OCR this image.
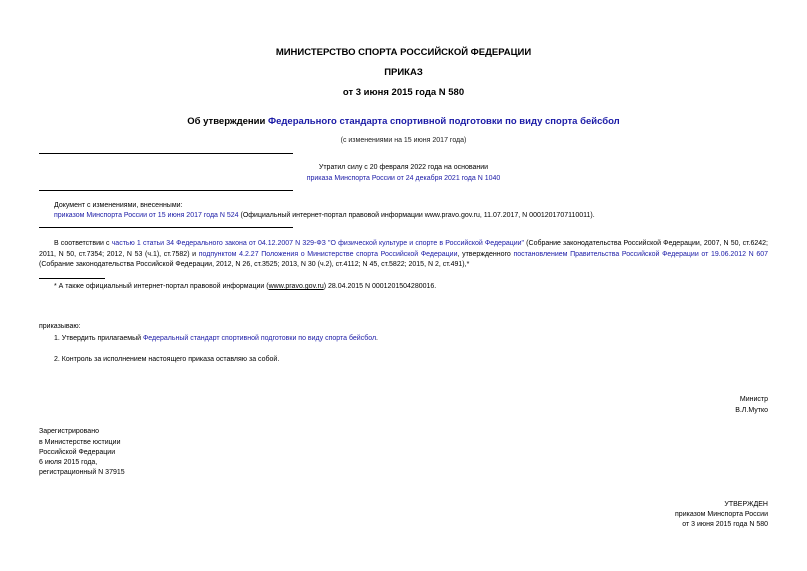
МИНИСТЕРСТВО СПОРТА РОССИЙСКОЙ ФЕДЕРАЦИИ
ПРИКАЗ
от 3 июня 2015 года N 580
Об утверждении Федерального стандарта спортивной подготовки по виду спорта бейсбол
(с изменениями на 15 июня 2017 года)
Утратил силу с 20 февраля 2022 года на основании
приказа Минспорта России от 24 декабря 2021 года N 1040
Документ с изменениями, внесенными:
приказом Минспорта России от 15 июня 2017 года N 524 (Официальный интернет-портал правовой информации www.pravo.gov.ru, 11.07.2017, N 0001201707110011).
В соответствии с частью 1 статьи 34 Федерального закона от 04.12.2007 N 329-ФЗ "О физической культуре и спорте в Российской Федерации" (Собрание законодательства Российской Федерации, 2007, N 50, ст.6242; 2011, N 50, ст.7354; 2012, N 53 (ч.1), ст.7582) и подпунктом 4.2.27 Положения о Министерстве спорта Российской Федерации, утвержденного постановлением Правительства Российской Федерации от 19.06.2012 N 607 (Собрание законодательства Российской Федерации, 2012, N 26, ст.3525; 2013, N 30 (ч.2), ст.4112; N 45, ст.5822; 2015, N 2, ст.491),*
* А также официальный интернет-портал правовой информации (www.pravo.gov.ru) 28.04.2015 N 0001201504280016.
приказываю:
1. Утвердить прилагаемый Федеральный стандарт спортивной подготовки по виду спорта бейсбол.
2. Контроль за исполнением настоящего приказа оставляю за собой.
Министр
В.Л.Мутко
Зарегистрировано
в Министерстве юстиции
Российской Федерации
6 июля 2015 года,
регистрационный N 37915
УТВЕРЖДЕН
приказом Минспорта России
от 3 июня 2015 года N 580
